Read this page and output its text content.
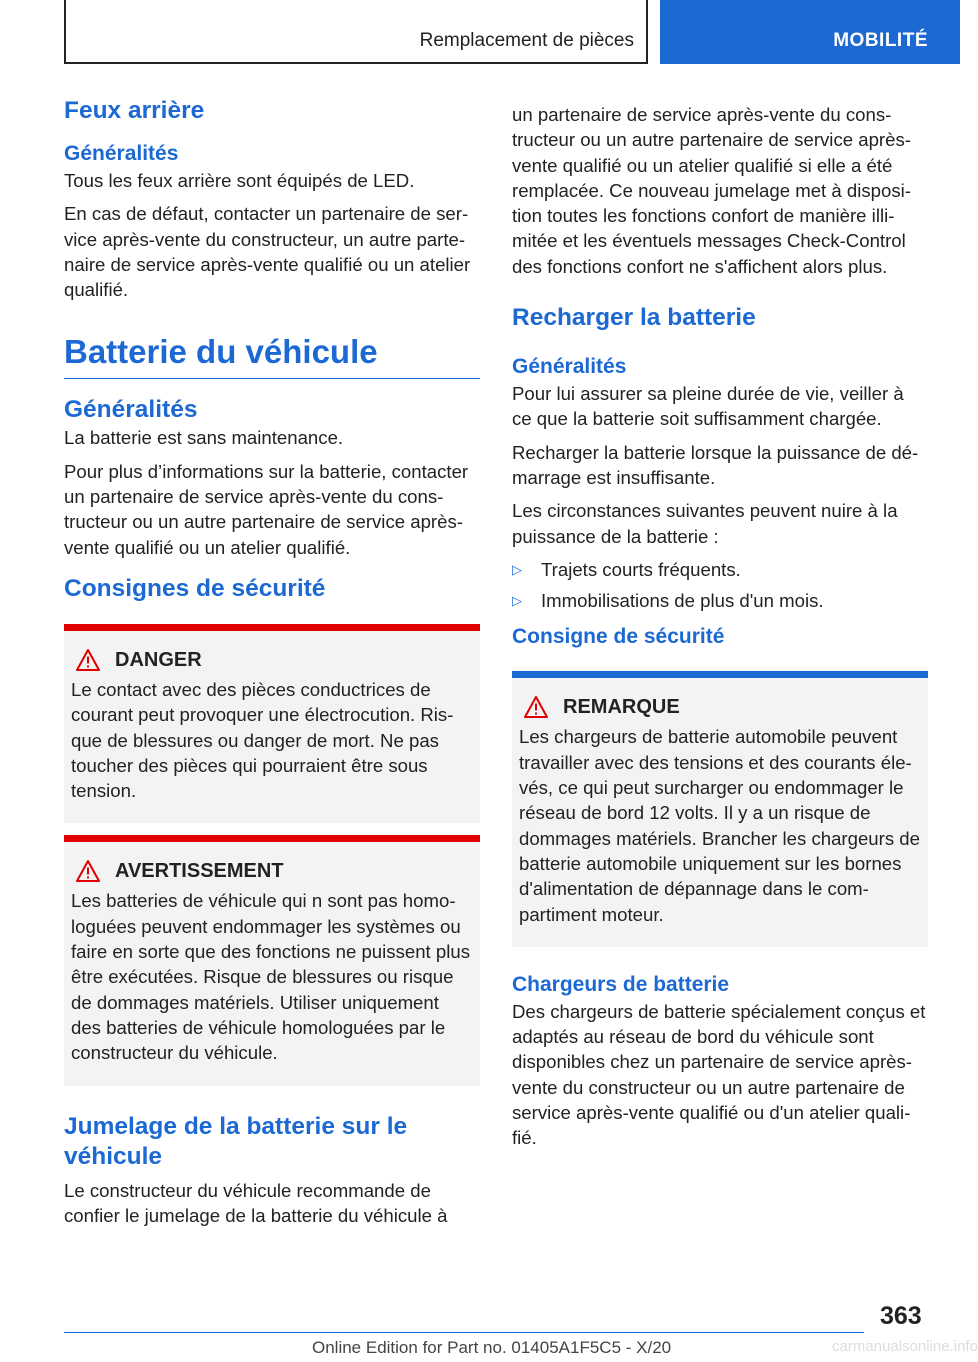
Remplacement de pièces	MOBILITÉ
Feux arrière
Généralités

Tous les feux arrière sont équipés de LED.

En cas de défaut, contacter un partenaire de service après-vente du constructeur, un autre partenaire de service après-vente qualifié ou un atelier qualifié.

Batterie du véhicule
Généralités

La batterie est sans maintenance.

Pour plus d’informations sur la batterie, contacter un partenaire de service après-vente du constructeur ou un autre partenaire de service après-vente qualifié ou un atelier qualifié.

Consignes de sécurité
DANGER

Le contact avec des pièces conductrices de courant peut provoquer une électrocution. Risque de blessures ou danger de mort. Ne pas toucher des pièces qui pourraient être sous tension.

AVERTISSEMENT

Les batteries de véhicule qui n sont pas homologuées peuvent endommager les systèmes ou faire en sorte que des fonctions ne puissent plus être exécutées. Risque de blessures ou risque de dommages matériels. Utiliser uniquement des batteries de véhicule homologuées par le constructeur du véhicule.

Jumelage de la batterie sur le véhicule

Le constructeur du véhicule recommande de confier le jumelage de la batterie du véhicule à

un partenaire de service après-vente du constructeur ou un autre partenaire de service après-vente qualifié ou un atelier qualifié si elle a été remplacée. Ce nouveau jumelage met à disposition toutes les fonctions confort de manière illimitée et les éventuels messages Check-Control des fonctions confort ne s'affichent alors plus.

Recharger la batterie
Généralités

Pour lui assurer sa pleine durée de vie, veiller à ce que la batterie soit suffisamment chargée.

Recharger la batterie lorsque la puissance de démarrage est insuffisante.

Les circonstances suivantes peuvent nuire à la puissance de la batterie :

▷ Trajets courts fréquents.
▷ Immobilisations de plus d'un mois.
Consigne de sécurité
REMARQUE

Les chargeurs de batterie automobile peuvent travailler avec des tensions et des courants élevés, ce qui peut surcharger ou endommager le réseau de bord 12 volts. Il y a un risque de dommages matériels. Brancher les chargeurs de batterie automobile uniquement sur les bornes d'alimentation de dépannage dans le compartiment moteur.

Chargeurs de batterie

Des chargeurs de batterie spécialement conçus et adaptés au réseau de bord du véhicule sont disponibles chez un partenaire de service après-vente du constructeur ou un autre partenaire de service après-vente qualifié ou d'un atelier qualifié.

363
Online Edition for Part no. 01405A1F5C5 - X/20	carmanualsonline.info
